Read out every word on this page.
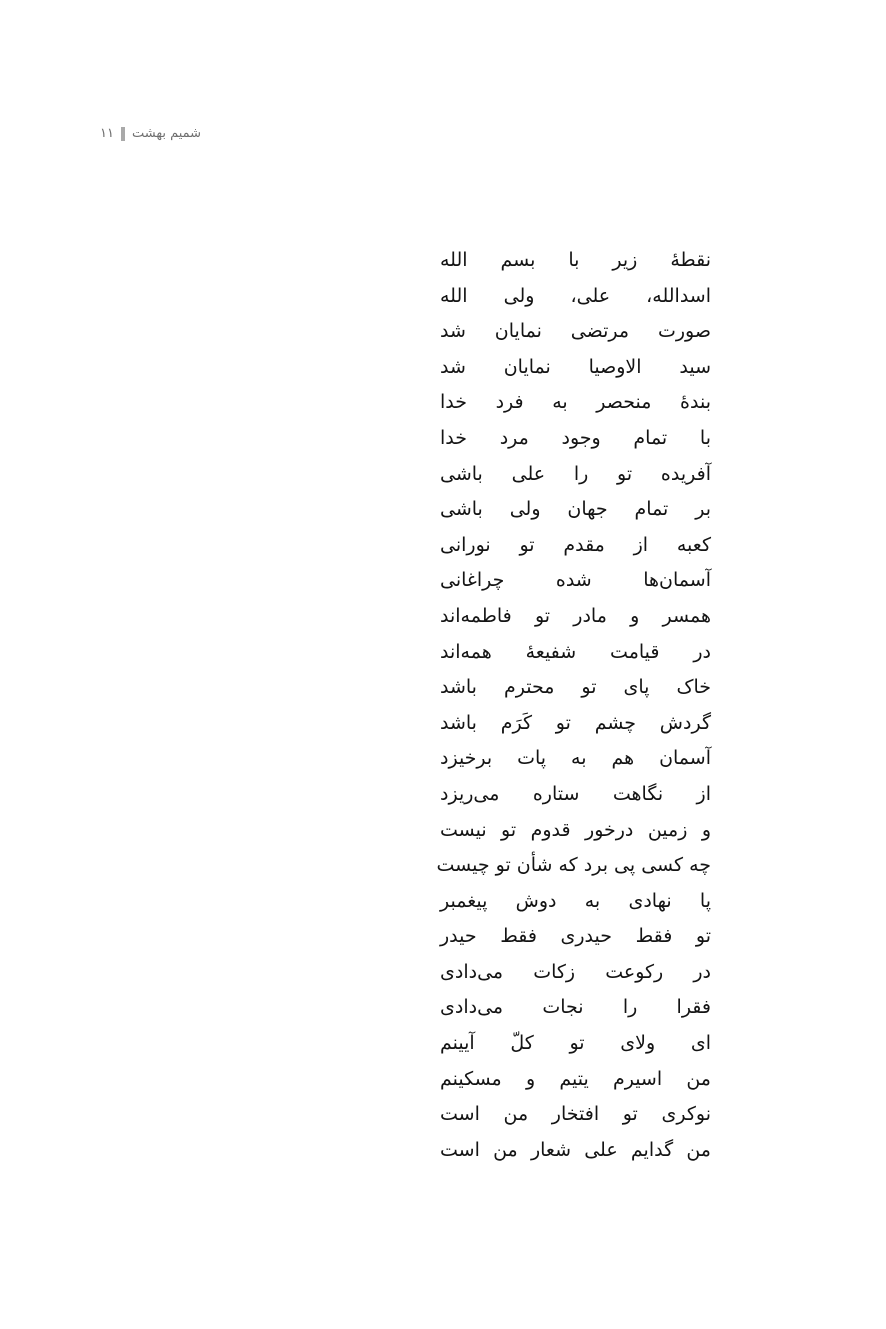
شمیم بهشت
۱۱
نقطهٔ زیر با بسم الله
اسدالله، علی، ولی الله
صورت مرتضی نمایان شد
سید الاوصیا نمایان شد
بندهٔ منحصر به فرد خدا
با تمام وجود مرد خدا
آفریده تو را علی باشی
بر تمام جهان ولی باشی
کعبه از مقدم تو نورانی
آسمان‌ها شده چراغانی
همسر و مادر تو فاطمه‌اند
در قیامت شفیعهٔ همه‌اند
خاک پای تو محترم باشد
گردش چشم تو کَرَم باشد
آسمان هم به پات برخیزد
از نگاهت ستاره می‌ریزد
و زمین درخور قدوم تو نیست
چه کسی پی برد که شأن تو چیست
پا نهادی به دوش پیغمبر
تو فقط حیدری فقط حیدر
در رکوعت زکات می‌دادی
فقرا را نجات می‌دادی
ای ولای تو کلّ آیینم
من اسیرم یتیم و مسکینم
نوکری تو افتخار من است
من گدایم علی شعار من است
